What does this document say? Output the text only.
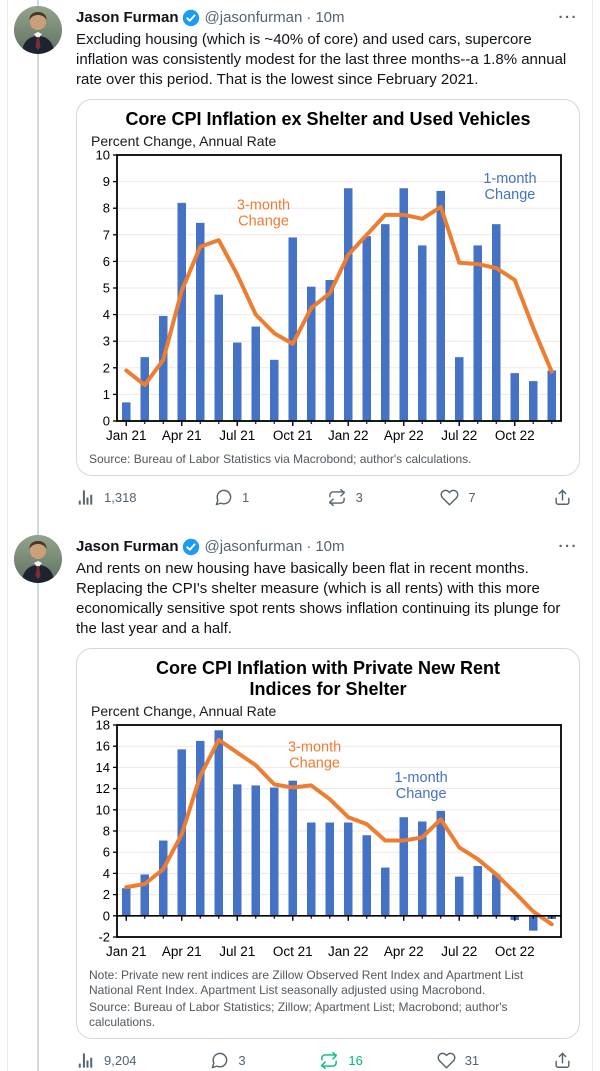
Jason Furman @jasonfurman · 10m	···
Excluding housing (which is ~40% of core) and used cars, supercore inflation was consistently modest for the last three months--a 1.8% annual rate over this period. That is the lowest since February 2021.
Core CPI Inflation ex Shelter and Used Vehicles
Percent Change, Annual Rate
0
1
2
3
4
5
6
7
8
9
10
Jan 21 Apr 21 Jul 21 Oct 21 Jan 22 Apr 22 Jul 22 Oct 22
3-month
Change
1-month
Change
Source: Bureau of Labor Statistics via Macrobond; author's calculations.
1,318	1	3	7
Jason Furman @jasonfurman · 10m	···
And rents on new housing have basically been flat in recent months. Replacing the CPI's shelter measure (which is all rents) with this more economically sensitive spot rents shows inflation continuing its plunge for the last year and a half.
Core CPI Inflation with Private New Rent Indices for Shelter
Percent Change, Annual Rate
-2
0
2
4
6
8
10
12
14
16
18
Jan 21 Apr 21 Jul 21 Oct 21 Jan 22 Apr 22 Jul 22 Oct 22
3-month
Change
1-month
Change
Note: Private new rent indices are Zillow Observed Rent Index and Apartment List National Rent Index. Apartment List seasonally adjusted using Macrobond.
Source: Bureau of Labor Statistics; Zillow; Apartment List; Macrobond; author's calculations.
9,204	3	16	31
